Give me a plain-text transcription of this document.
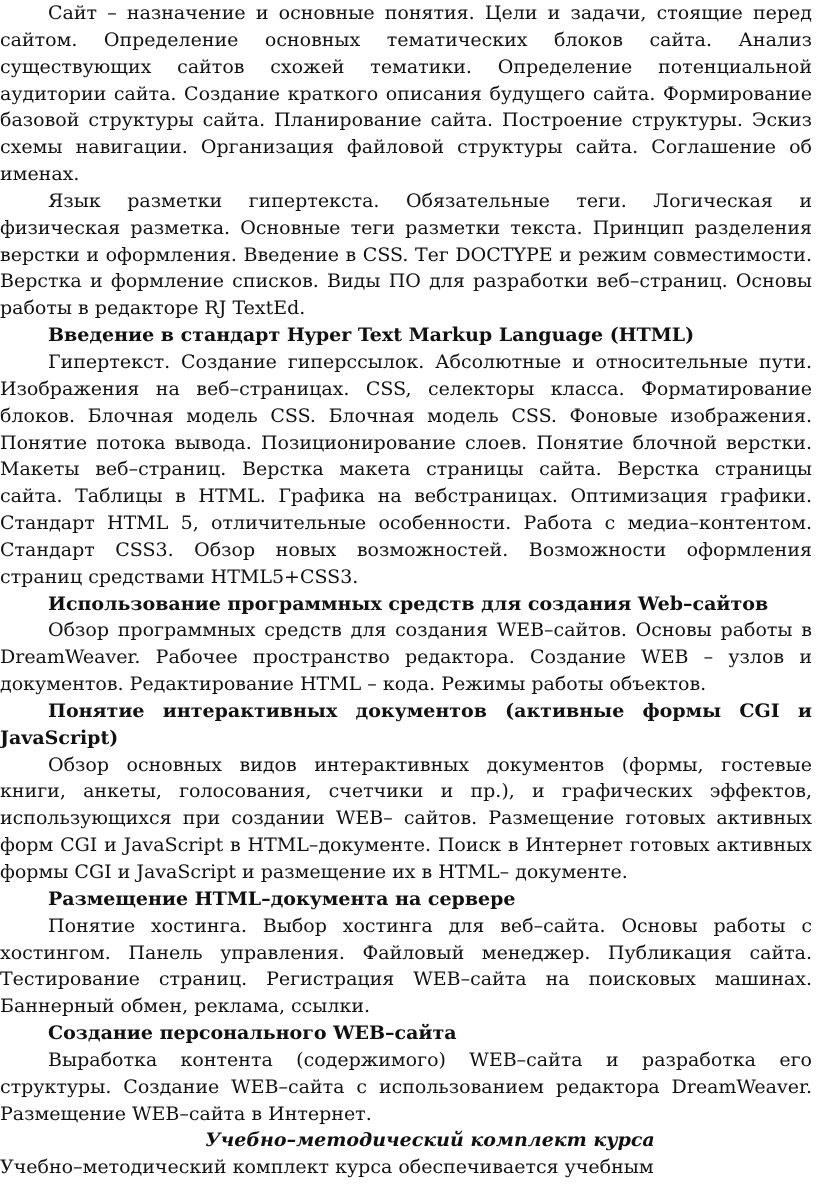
Сайт – назначение и основные понятия. Цели и задачи, стоящие перед сайтом. Определение основных тематических блоков сайта. Анализ существующих сайтов схожей тематики. Определение потенциальной аудитории сайта. Создание краткого описания будущего сайта. Формирование базовой структуры сайта. Планирование сайта. Построение структуры. Эскиз схемы навигации. Организация файловой структуры сайта. Соглашение об именах.

Язык разметки гипертекста. Обязательные теги. Логическая и физическая разметка. Основные теги разметки текста. Принцип разделения верстки и оформления. Введение в CSS. Тег DOCTYPE и режим совместимости. Верстка и формление списков. Виды ПО для разработки веб–страниц. Основы работы в редакторе RJ TextEd.

Введение в стандарт Hyper Text Markup Language (HTML)

Гипертекст. Создание гиперссылок. Абсолютные и относительные пути. Изображения на веб–страницах. CSS, селекторы класса. Форматирование блоков. Блочная модель CSS. Блочная модель CSS. Фоновые изображения. Понятие потока вывода. Позиционирование слоев. Понятие блочной верстки. Макеты веб–страниц. Верстка макета страницы сайта. Верстка страницы сайта. Таблицы в HTML. Графика на вебстраницах. Оптимизация графики. Стандарт HTML 5, отличительные особенности. Работа с медиа–контентом. Стандарт CSS3. Обзор новых возможностей. Возможности оформления страниц средствами HTML5+CSS3.

Использование программных средств для создания Web–сайтов

Обзор программных средств для создания WEB–сайтов. Основы работы в DreamWeaver. Рабочее пространство редактора. Создание WEB – узлов и документов. Редактирование HTML – кода. Режимы работы объектов.

Понятие интерактивных документов (активные формы CGI и JavaScript)

Обзор основных видов интерактивных документов (формы, гостевые книги, анкеты, голосования, счетчики и пр.), и графических эффектов, использующихся при создании WEB– сайтов. Размещение готовых активных форм CGI и JavaScript в HTML–документе. Поиск в Интернет готовых активных формы CGI и JavaScript и размещение их в HTML– документе.

Размещение HTML–документа на сервере

Понятие хостинга. Выбор хостинга для веб–сайта. Основы работы с хостингом. Панель управления. Файловый менеджер. Публикация сайта. Тестирование страниц. Регистрация WEB–сайта на поисковых машинах. Баннерный обмен, реклама, ссылки.

Создание персонального WEB–сайта

Выработка контента (содержимого) WEB–сайта и разработка его структуры. Создание WEB–сайта с использованием редактора DreamWeaver. Размещение WEB–сайта в Интернет.

Учебно–методический комплект курса

Учебно–методический комплект курса обеспечивается учебным
